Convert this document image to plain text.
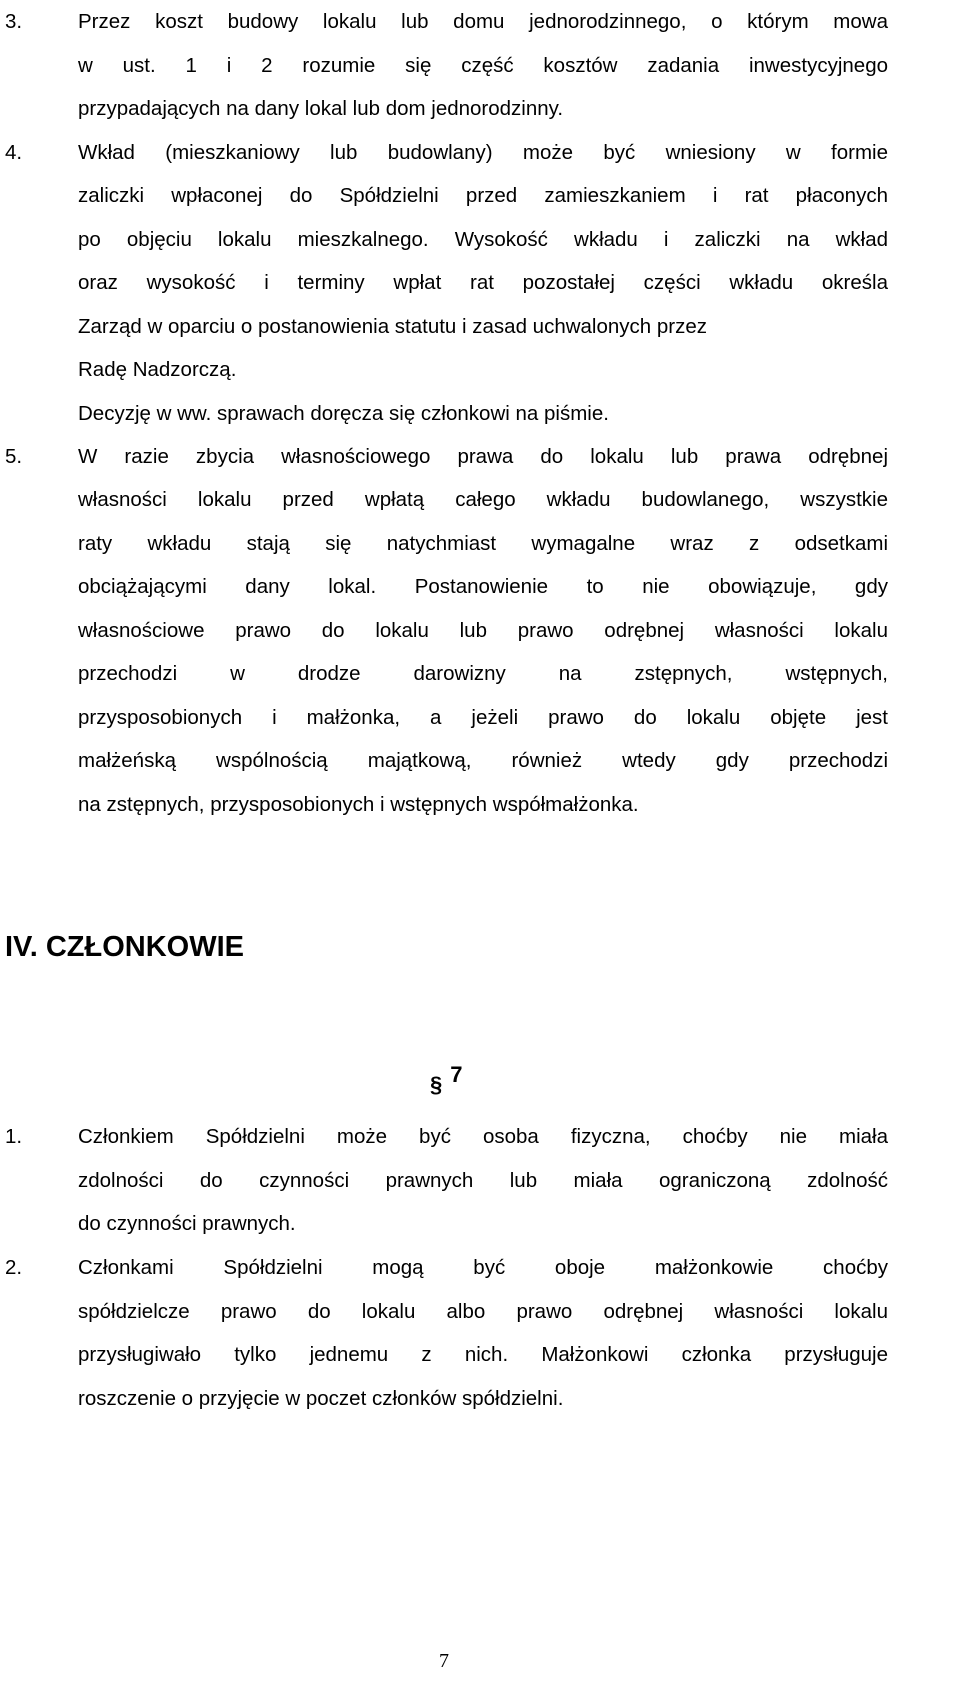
IV. CZŁONKOWIE
§ 7
7
3.	Przez koszt budowy lokalu lub domu jednorodzinnego, o którym mowa
w ust. 1 i 2 rozumie się część kosztów zadania inwestycyjnego
przypadających na dany lokal lub dom jednorodzinny.
4.	Wkład (mieszkaniowy lub budowlany) może być wniesiony w formie
zaliczki wpłaconej do Spółdzielni przed zamieszkaniem i rat płaconych
po objęciu lokalu mieszkalnego. Wysokość wkładu i zaliczki na wkład
oraz wysokość i terminy wpłat rat pozostałej części wkładu określa
Zarząd w oparciu o postanowienia statutu i zasad uchwalonych przez
Radę Nadzorczą.
Decyzję w ww. sprawach doręcza się członkowi na piśmie.
5.	W razie zbycia własnościowego prawa do lokalu lub prawa odrębnej
własności lokalu przed wpłatą całego wkładu budowlanego, wszystkie
raty wkładu stają się natychmiast wymagalne wraz z odsetkami
obciążającymi dany lokal. Postanowienie to nie obowiązuje, gdy
własnościowe prawo do lokalu lub prawo odrębnej własności lokalu
przechodzi w drodze darowizny na zstępnych, wstępnych,
przysposobionych i małżonka, a jeżeli prawo do lokalu objęte jest
małżeńską wspólnością majątkową, również wtedy gdy przechodzi
na zstępnych, przysposobionych i wstępnych współmałżonka.
1.	Członkiem Spółdzielni może być osoba fizyczna, choćby nie miała
zdolności do czynności prawnych lub miała ograniczoną zdolność
do czynności prawnych.
2.	Członkami Spółdzielni mogą być oboje małżonkowie choćby
spółdzielcze prawo do lokalu albo prawo odrębnej własności lokalu
przysługiwało tylko jednemu z nich. Małżonkowi członka przysługuje
roszczenie o przyjęcie w poczet członków spółdzielni.
